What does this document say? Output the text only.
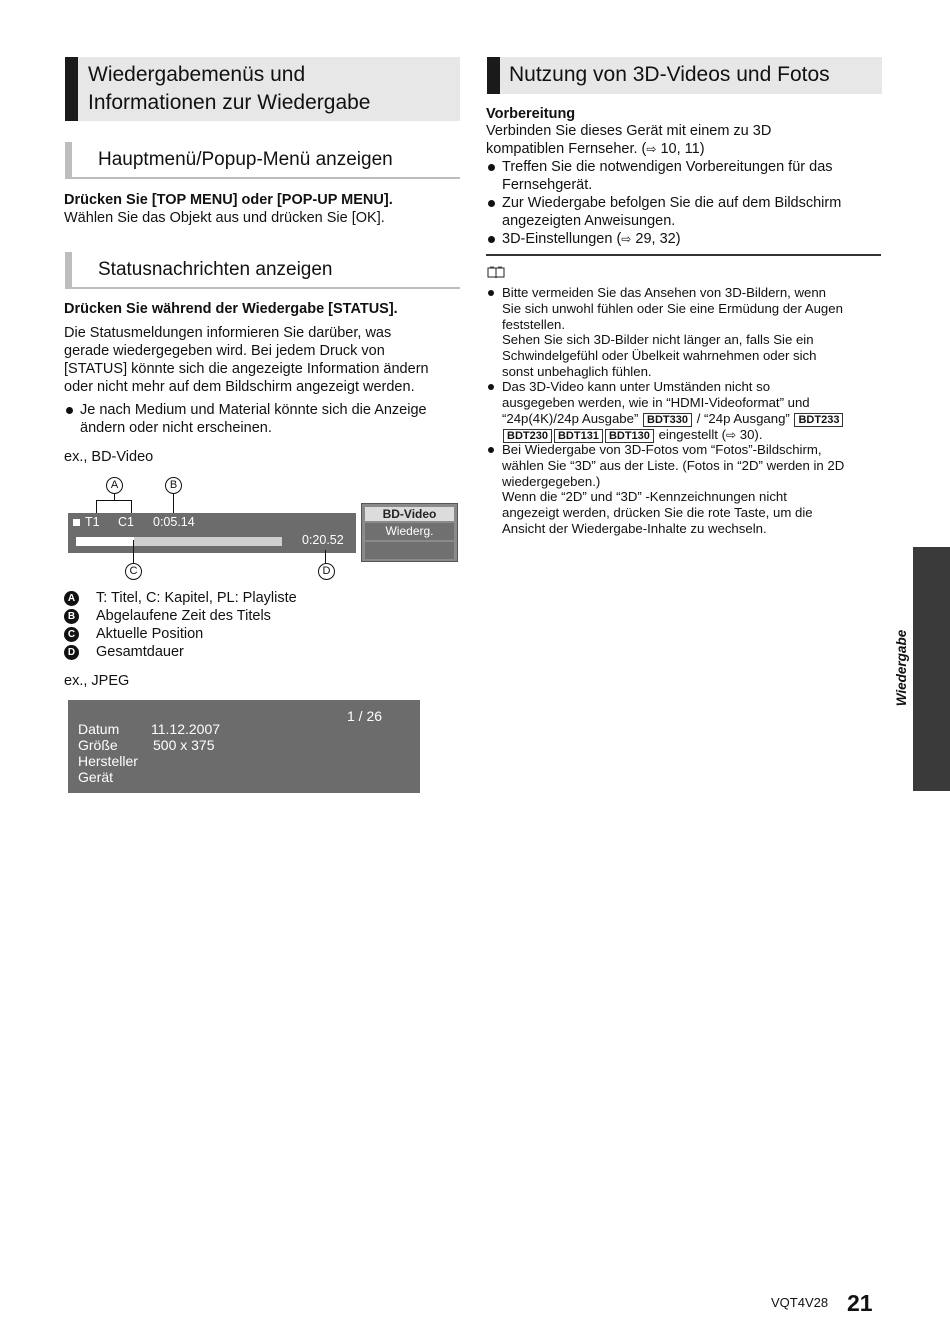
Wiedergabemenüs und
Informationen zur Wiedergabe
Hauptmenü/Popup-Menü anzeigen
Drücken Sie [TOP MENU] oder [POP-UP MENU].
Wählen Sie das Objekt aus und drücken Sie [OK].
Statusnachrichten anzeigen
Drücken Sie während der Wiedergabe [STATUS].
Die Statusmeldungen informieren Sie darüber, was
gerade wiedergegeben wird. Bei jedem Druck von
[STATUS] könnte sich die angezeigte Information ändern
oder nicht mehr auf dem Bildschirm angezeigt werden.
Je nach Medium und Material könnte sich die Anzeige
ändern oder nicht erscheinen.
ex., BD-Video
A	B
T1 C1 0:05.14
0:20.52
BD-Video
Wiederg.
C	D
A T: Titel, C: Kapitel, PL: Playliste
B Abgelaufene Zeit des Titels
C Aktuelle Position
D Gesamtdauer
ex., JPEG
1 / 26
Datum 11.12.2007
Größe	500 x 375
Hersteller
Gerät
Nutzung von 3D-Videos und Fotos
Vorbereitung
Verbinden Sie dieses Gerät mit einem zu 3D
kompatiblen Fernseher. (⇨ 10, 11)
Treffen Sie die notwendigen Vorbereitungen für das
Fernsehgerät.
Zur Wiedergabe befolgen Sie die auf dem Bildschirm
angezeigten Anweisungen.
3D-Einstellungen (⇨ 29, 32)
Bitte vermeiden Sie das Ansehen von 3D-Bildern, wenn
Sie sich unwohl fühlen oder Sie eine Ermüdung der Augen
feststellen.
Sehen Sie sich 3D-Bilder nicht länger an, falls Sie ein
Schwindelgefühl oder Übelkeit wahrnehmen oder sich
sonst unbehaglich fühlen.
Das 3D-Video kann unter Umständen nicht so
ausgegeben werden, wie in “HDMI-Videoformat” und
“24p(4K)/24p Ausgabe” BDT330 / “24p Ausgang” BDT233
BDT230 BDT131 BDT130 eingestellt (⇨ 30).
Bei Wiedergabe von 3D-Fotos vom “Fotos”-Bildschirm,
wählen Sie “3D” aus der Liste. (Fotos in “2D” werden in 2D
wiedergegeben.)
Wenn die “2D” und “3D” -Kennzeichnungen nicht
angezeigt werden, drücken Sie die rote Taste, um die
Ansicht der Wiedergabe-Inhalte zu wechseln.
Wiedergabe
VQT4V28 21
